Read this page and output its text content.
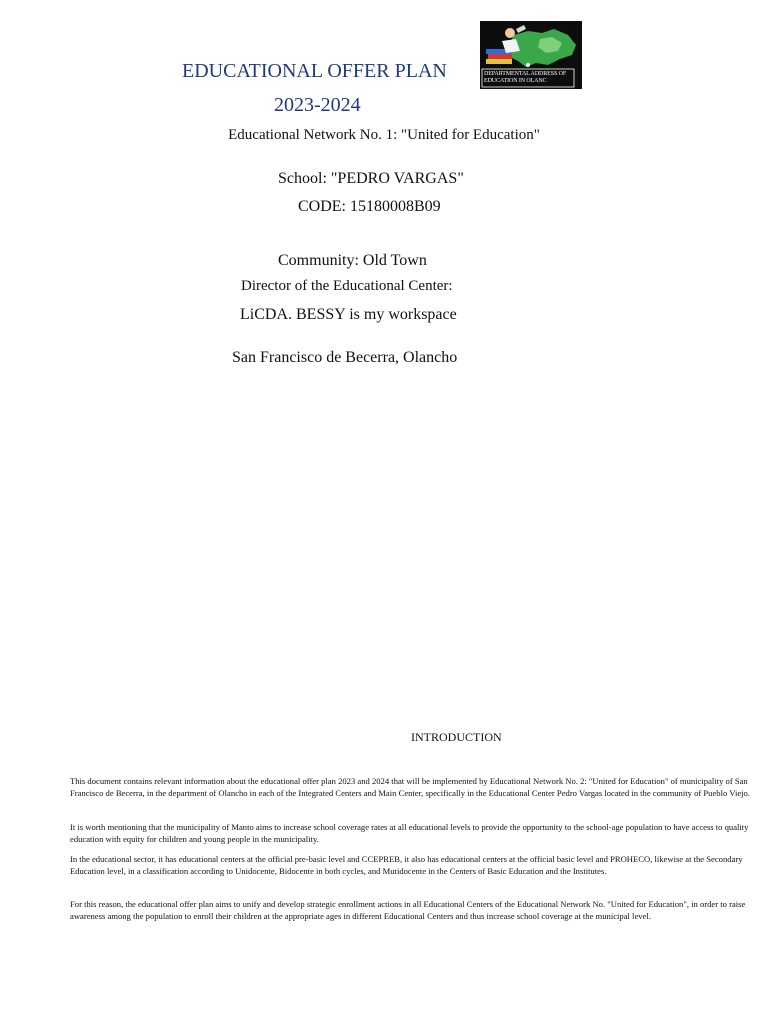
EDUCATIONAL OFFER PLAN
2023-2024
DEPARTMENTAL ADDRESS OF EDUCATION IN OLANC
Educational Network No. 1: "United for Education"
School: "PEDRO VARGAS"
CODE: 15180008B09
Community: Old Town
Director of the Educational Center:
LiCDA. BESSY is my workspace
San Francisco de Becerra, Olancho
INTRODUCTION
This document contains relevant information about the educational offer plan 2023 and 2024 that will be implemented by Educational Network No. 2: "United for Education" of municipality of San Francisco de Becerra, in the department of Olancho in each of the Integrated Centers and Main Center, specifically in the Educational Center Pedro Vargas located in the community of Pueblo Viejo.
It is worth mentioning that the municipality of Manto aims to increase school coverage rates at all educational levels to provide the opportunity to the school-age population to have access to quality education with equity for children and young people in the municipality.
In the educational sector, it has educational centers at the official pre-basic level and CCEPREB, it also has educational centers at the official basic level and PROHECO, likewise at the Secondary Education level, in a classification according to Unidocente, Bidocente in both cycles, and Mutidocente in the Centers of Basic Education and the Institutes.
For this reason, the educational offer plan aims to unify and develop strategic enrollment actions in all Educational Centers of the Educational Network No. "United for Education", in order to raise awareness among the population to enroll their children at the appropriate ages in different Educational Centers and thus increase school coverage at the municipal level.
